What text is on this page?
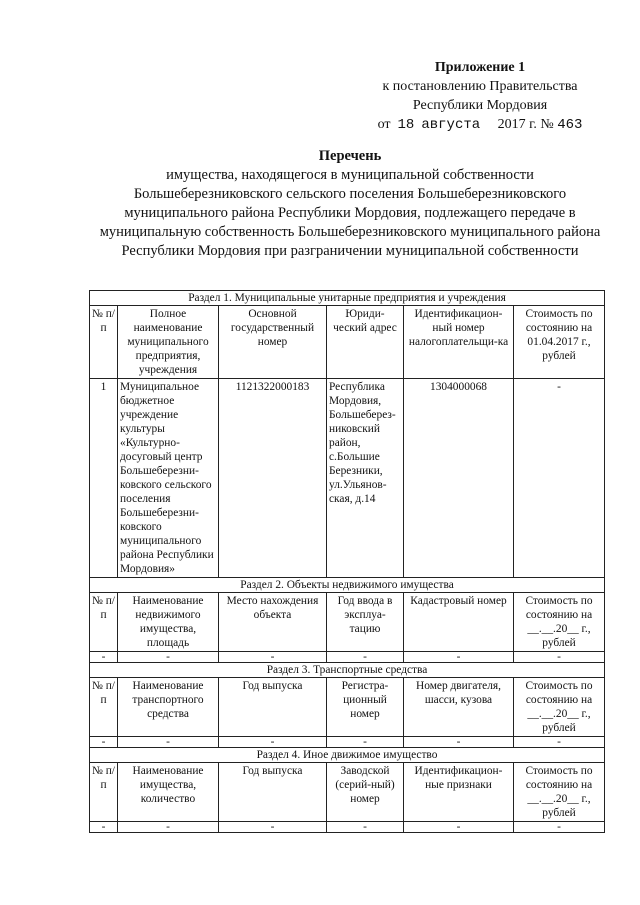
Приложение 1
к постановлению Правительства
Республики Мордовия
от 18 августа 2017 г. № 463
Перечень
имущества, находящегося в муниципальной собственности Большеберезниковского сельского поселения Большеберезниковского муниципального района Республики Мордовия, подлежащего передаче в муниципальную собственность Большеберезниковского муниципального района Республики Мордовия при разграничении муниципальной собственности
Раздел 1. Муниципальные унитарные предприятия и учреждения					
№ п/п	Полное наименование муниципального предприятия, учреждения	Основной государственный номер	Юриди-ческий адрес	Идентификацион-ный номер налогоплательщи-ка	Стоимость по состоянию на 01.04.2017 г., рублей
1	Муниципальное бюджетное учреждение культуры «Культурно-досуговый центр Большеберезни-ковского сельского поселения Большеберезни-ковского муниципального района Республики Мордовия»	1121322000183	Республика Мордовия, Большеберез-никовский район, с.Большие Березники, ул.Ульянов-ская, д.14	1304000068	-
Раздел 2. Объекты недвижимого имущества					
№ п/п	Наименование недвижимого имущества, площадь	Место нахождения объекта	Год ввода в эксплуа-тацию	Кадастровый номер	Стоимость по состоянию на __.__.20__ г., рублей
-	-	-	-	-	-
Раздел 3. Транспортные средства					
№ п/п	Наименование транспортного средства	Год выпуска	Регистра-ционный номер	Номер двигателя, шасси, кузова	Стоимость по состоянию на __.__.20__ г., рублей
-	-	-	-	-	-
Раздел 4. Иное движимое имущество					
№ п/п	Наименование имущества, количество	Год выпуска	Заводской (серий-ный) номер	Идентификацион-ные признаки	Стоимость по состоянию на __.__.20__ г., рублей
-	-	-	-	-	-
